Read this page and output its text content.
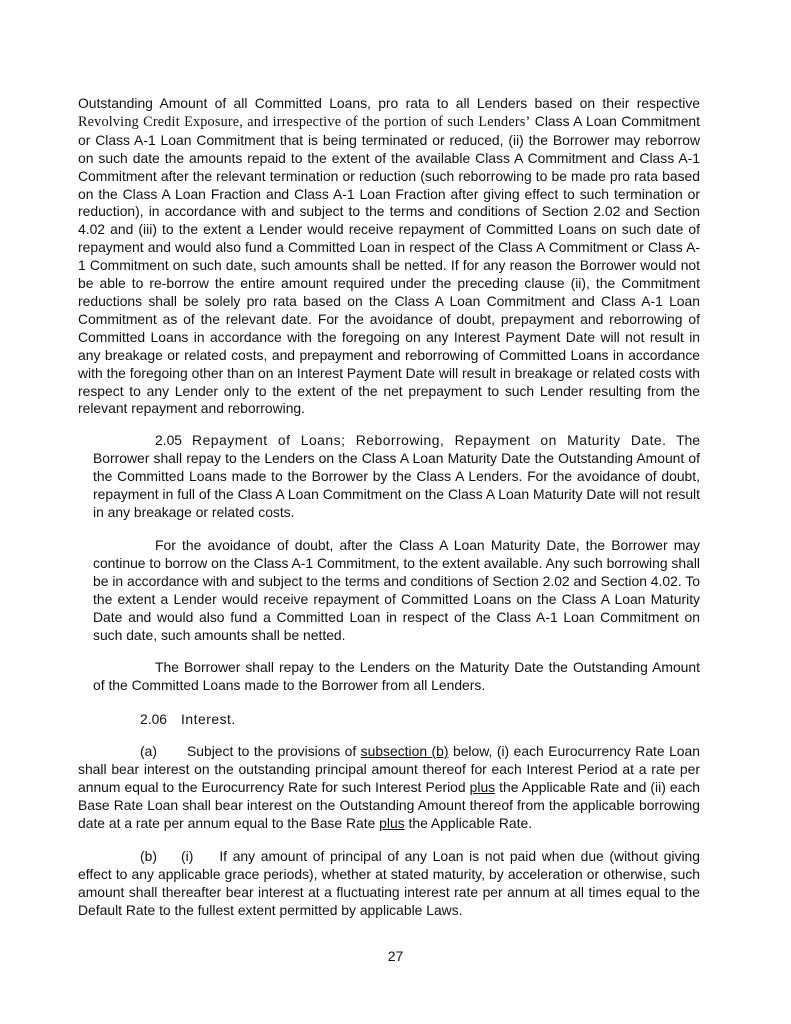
Outstanding Amount of all Committed Loans, pro rata to all Lenders based on their respective Revolving Credit Exposure, and irrespective of the portion of such Lenders’ Class A Loan Commitment or Class A-1 Loan Commitment that is being terminated or reduced, (ii) the Borrower may reborrow on such date the amounts repaid to the extent of the available Class A Commitment and Class A-1 Commitment after the relevant termination or reduction (such reborrowing to be made pro rata based on the Class A Loan Fraction and Class A-1 Loan Fraction after giving effect to such termination or reduction), in accordance with and subject to the terms and conditions of Section 2.02 and Section 4.02 and (iii) to the extent a Lender would receive repayment of Committed Loans on such date of repayment and would also fund a Committed Loan in respect of the Class A Commitment or Class A-1 Commitment on such date, such amounts shall be netted. If for any reason the Borrower would not be able to re-borrow the entire amount required under the preceding clause (ii), the Commitment reductions shall be solely pro rata based on the Class A Loan Commitment and Class A-1 Loan Commitment as of the relevant date. For the avoidance of doubt, prepayment and reborrowing of Committed Loans in accordance with the foregoing on any Interest Payment Date will not result in any breakage or related costs, and prepayment and reborrowing of Committed Loans in accordance with the foregoing other than on an Interest Payment Date will result in breakage or related costs with respect to any Lender only to the extent of the net prepayment to such Lender resulting from the relevant repayment and reborrowing.

2.05 Repayment of Loans; Reborrowing, Repayment on Maturity Date. The Borrower shall repay to the Lenders on the Class A Loan Maturity Date the Outstanding Amount of the Committed Loans made to the Borrower by the Class A Lenders. For the avoidance of doubt, repayment in full of the Class A Loan Commitment on the Class A Loan Maturity Date will not result in any breakage or related costs.

For the avoidance of doubt, after the Class A Loan Maturity Date, the Borrower may continue to borrow on the Class A-1 Commitment, to the extent available. Any such borrowing shall be in accordance with and subject to the terms and conditions of Section 2.02 and Section 4.02. To the extent a Lender would receive repayment of Committed Loans on the Class A Loan Maturity Date and would also fund a Committed Loan in respect of the Class A-1 Loan Commitment on such date, such amounts shall be netted.

The Borrower shall repay to the Lenders on the Maturity Date the Outstanding Amount of the Committed Loans made to the Borrower from all Lenders.

2.06 Interest.

(a) Subject to the provisions of subsection (b) below, (i) each Eurocurrency Rate Loan shall bear interest on the outstanding principal amount thereof for each Interest Period at a rate per annum equal to the Eurocurrency Rate for such Interest Period plus the Applicable Rate and (ii) each Base Rate Loan shall bear interest on the Outstanding Amount thereof from the applicable borrowing date at a rate per annum equal to the Base Rate plus the Applicable Rate.

(b) (i) If any amount of principal of any Loan is not paid when due (without giving effect to any applicable grace periods), whether at stated maturity, by acceleration or otherwise, such amount shall thereafter bear interest at a fluctuating interest rate per annum at all times equal to the Default Rate to the fullest extent permitted by applicable Laws.

27
